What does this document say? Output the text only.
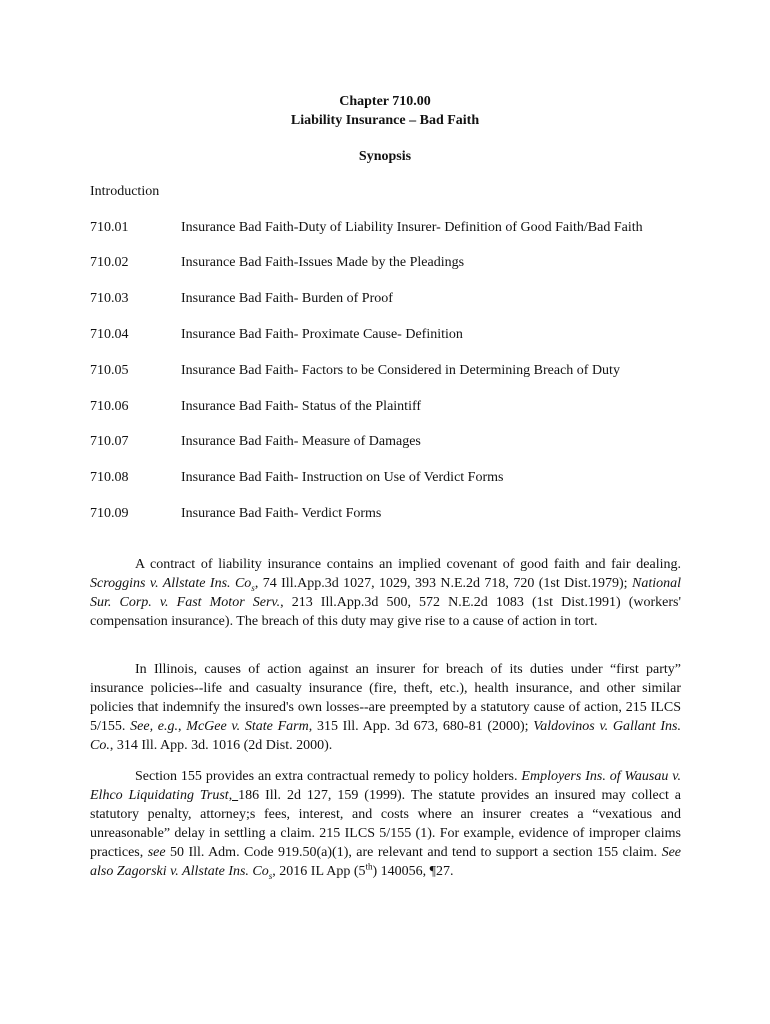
Chapter 710.00
Liability Insurance – Bad Faith
Synopsis
Introduction
710.01	Insurance Bad Faith-Duty of Liability Insurer- Definition of Good Faith/Bad Faith
710.02	Insurance Bad Faith-Issues Made by the Pleadings
710.03	Insurance Bad Faith- Burden of Proof
710.04	Insurance Bad Faith- Proximate Cause- Definition
710.05	Insurance Bad Faith- Factors to be Considered in Determining Breach of Duty
710.06	Insurance Bad Faith- Status of the Plaintiff
710.07	Insurance Bad Faith- Measure of Damages
710.08	Insurance Bad Faith- Instruction on Use of Verdict Forms
710.09	Insurance Bad Faith- Verdict Forms

A contract of liability insurance contains an implied covenant of good faith and fair dealing. Scroggins v. Allstate Ins. $Co_s$, 74 Ill.App.3d 1027, 1029, 393 N.E.2d 718, 720 (1st Dist.1979); National Sur. Corp. v. Fast Motor Serv., 213 Ill.App.3d 500, 572 N.E.2d 1083 (1st Dist.1991) (workers' compensation insurance). The breach of this duty may give rise to a cause of action in tort.

In Illinois, causes of action against an insurer for breach of its duties under “first party” insurance policies--life and casualty insurance (fire, theft, etc.), health insurance, and other similar policies that indemnify the insured's own losses--are preempted by a statutory cause of action, 215 ILCS 5/155. See, e.g., McGee v. State Farm, 315 Ill. App. 3d 673, 680-81 (2000); Valdovinos v. Gallant Ins. Co., 314 Ill. App. 3d. 1016 (2d Dist. 2000).

Section 155 provides an extra contractual remedy to policy holders. Employers Ins. of Wausau v. Elhco Liquidating Trust, 186 Ill. 2d 127, 159 (1999). The statute provides an insured may collect a statutory penalty, attorney;s fees, interest, and costs where an insurer creates a “vexatious and unreasonable” delay in settling a claim. 215 ILCS 5/155 (1). For example, evidence of improper claims practices, see 50 Ill. Adm. Code 919.50(a)(1), are relevant and tend to support a section 155 claim. See also Zagorski v. Allstate Ins. $Co_s$, 2016 IL App (5th) 140056, ¶27.
